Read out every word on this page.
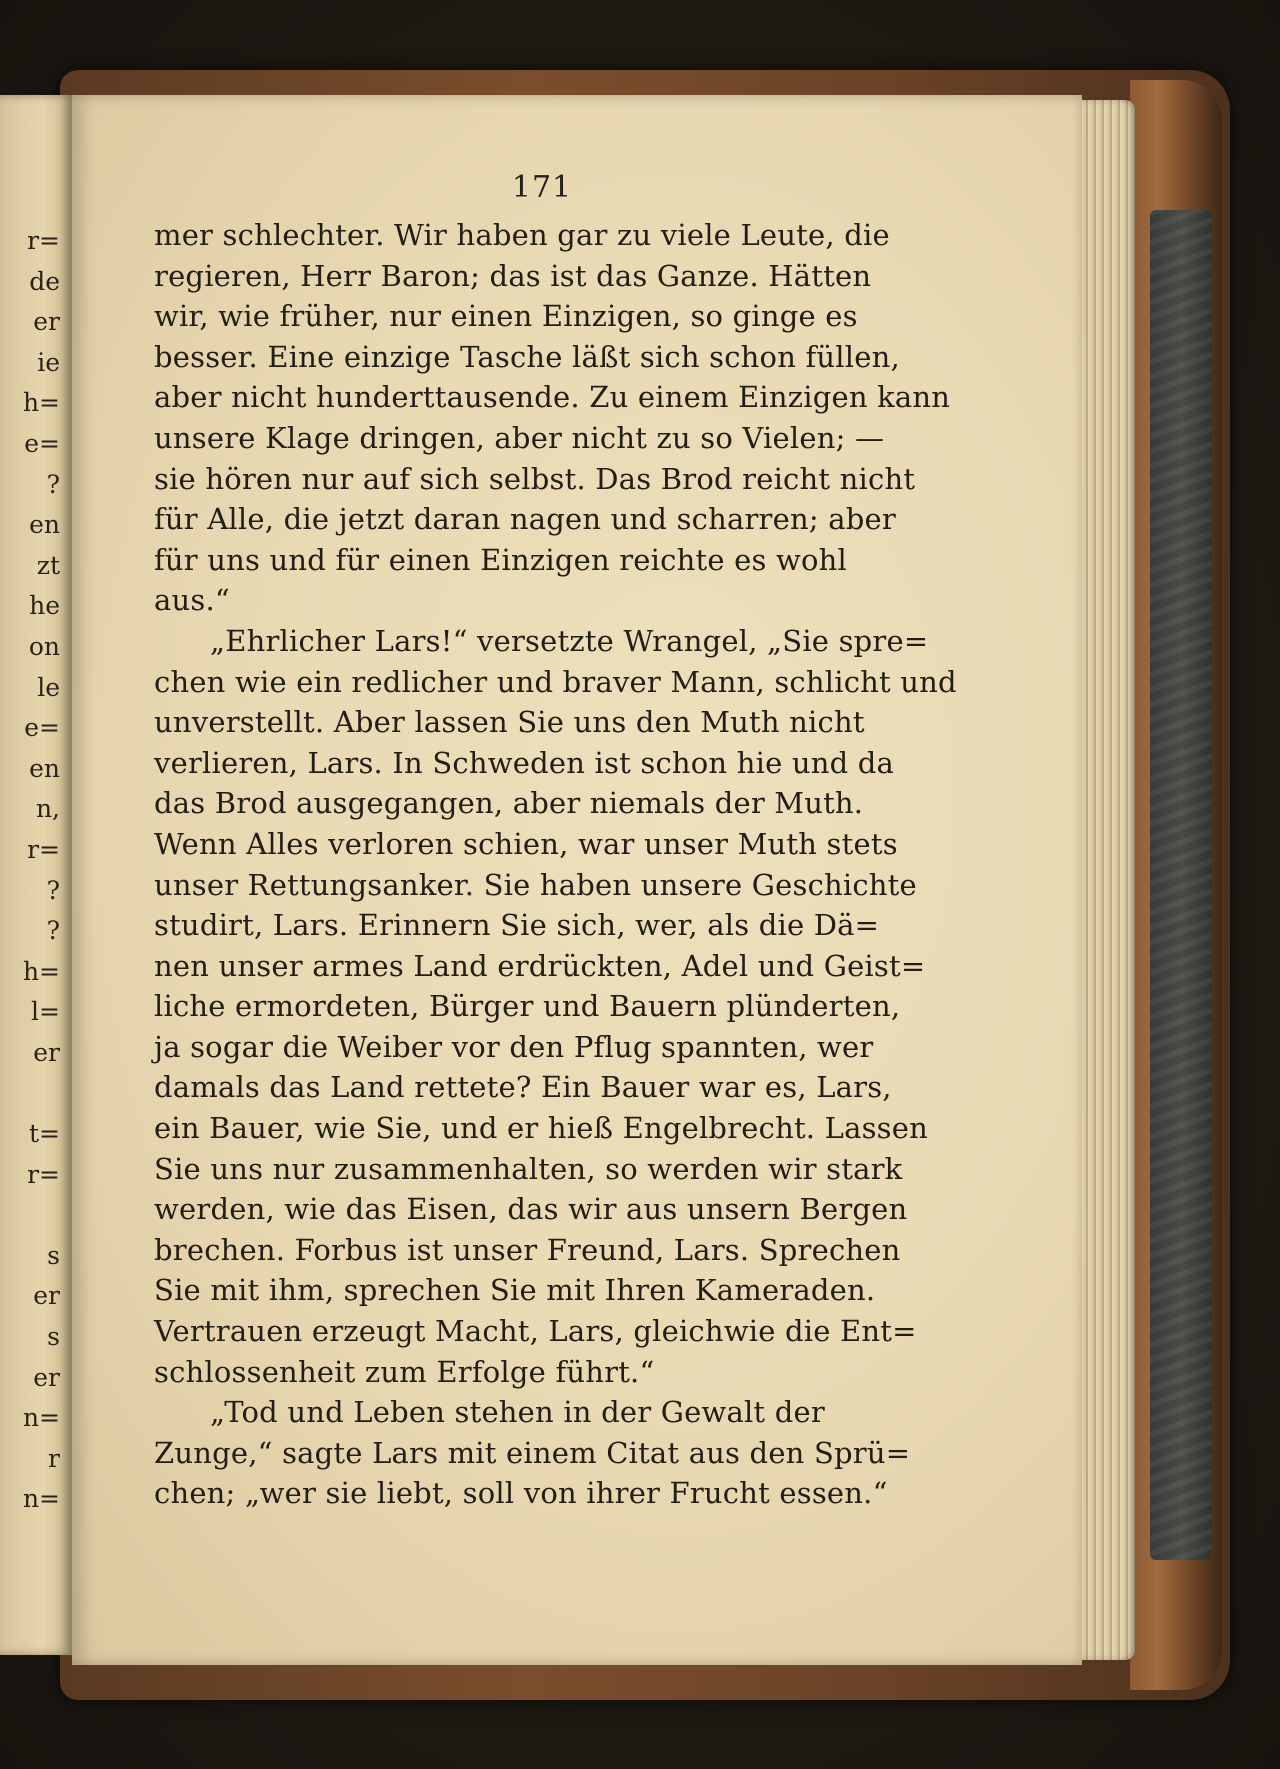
r=
de
er
ie
h=
e=
?
en
zt
he
on
le
e=
en
n,
r=
?
?
h=
l=
er
t=
r=
s
er
s
er
n=
r
n=
171
mer schlechter. Wir haben gar zu viele Leute, die
regieren, Herr Baron; das ist das Ganze. Hätten
wir, wie früher, nur einen Einzigen, so ginge es
besser. Eine einzige Tasche läßt sich schon füllen,
aber nicht hunderttausende. Zu einem Einzigen kann
unsere Klage dringen, aber nicht zu so Vielen; —
sie hören nur auf sich selbst. Das Brod reicht nicht
für Alle, die jetzt daran nagen und scharren; aber
für uns und für einen Einzigen reichte es wohl
aus.“
„Ehrlicher Lars!“ versetzte Wrangel, „Sie spre=
chen wie ein redlicher und braver Mann, schlicht und
unverstellt. Aber lassen Sie uns den Muth nicht
verlieren, Lars. In Schweden ist schon hie und da
das Brod ausgegangen, aber niemals der Muth.
Wenn Alles verloren schien, war unser Muth stets
unser Rettungsanker. Sie haben unsere Geschichte
studirt, Lars. Erinnern Sie sich, wer, als die Dä=
nen unser armes Land erdrückten, Adel und Geist=
liche ermordeten, Bürger und Bauern plünderten,
ja sogar die Weiber vor den Pflug spannten, wer
damals das Land rettete? Ein Bauer war es, Lars,
ein Bauer, wie Sie, und er hieß Engelbrecht. Lassen
Sie uns nur zusammenhalten, so werden wir stark
werden, wie das Eisen, das wir aus unsern Bergen
brechen. Forbus ist unser Freund, Lars. Sprechen
Sie mit ihm, sprechen Sie mit Ihren Kameraden.
Vertrauen erzeugt Macht, Lars, gleichwie die Ent=
schlossenheit zum Erfolge führt.“
„Tod und Leben stehen in der Gewalt der
Zunge,“ sagte Lars mit einem Citat aus den Sprü=
chen; „wer sie liebt, soll von ihrer Frucht essen.“
